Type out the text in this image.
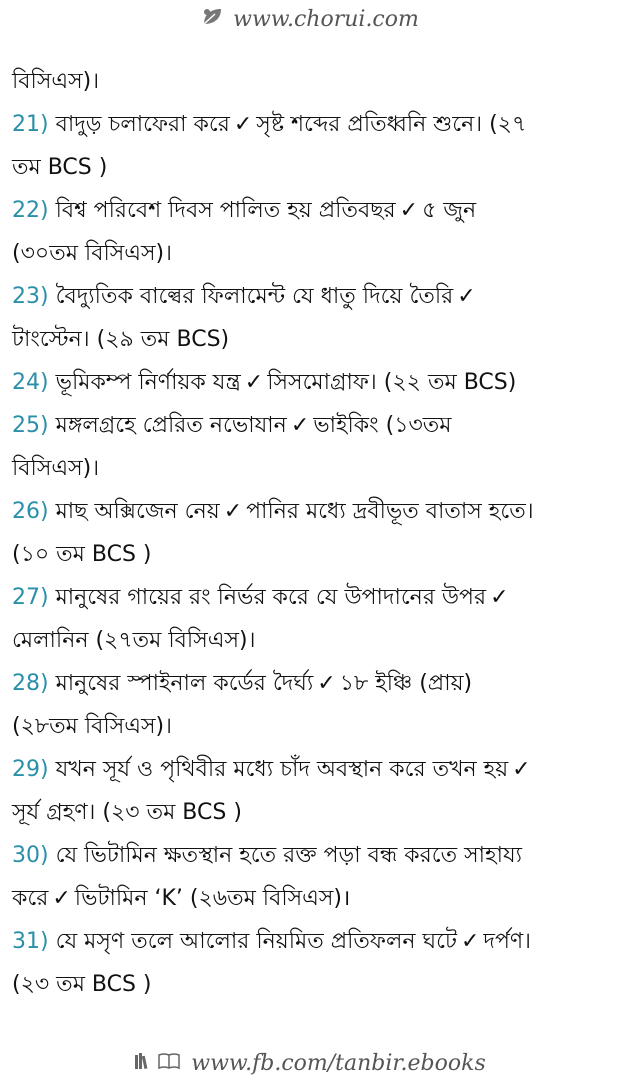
www.chorui.com
বিসিএস)।
21) বাদুড় চলাফেরা করে ✓ সৃষ্ট শব্দের প্রতিধ্বনি শুনে। (২৭
তম BCS )
22) বিশ্ব পরিবেশ দিবস পালিত হয় প্রতিবছর ✓ ৫ জুন
(৩০তম বিসিএস)।
23) বৈদ্যুতিক বাল্বের ফিলামেন্ট যে ধাতু দিয়ে তৈরি ✓
টাংস্টেন। (২৯ তম BCS)
24) ভূমিকম্প নির্ণায়ক যন্ত্র ✓ সিসমোগ্রাফ। (২২ তম BCS)
25) মঙ্গলগ্রহে প্রেরিত নভোযান ✓ ভাইকিং (১৩তম
বিসিএস)।
26) মাছ অক্সিজেন নেয় ✓ পানির মধ্যে দ্রবীভূত বাতাস হতে।
(১০ তম BCS )
27) মানুষের গায়ের রং নির্ভর করে যে উপাদানের উপর ✓
মেলানিন (২৭তম বিসিএস)।
28) মানুষের স্পাইনাল কর্ডের দৈর্ঘ্য ✓ ১৮ ইঞ্চি (প্রায়)
(২৮তম বিসিএস)।
29) যখন সূর্য ও পৃথিবীর মধ্যে চাঁদ অবস্থান করে তখন হয় ✓
সূর্য গ্রহণ। (২৩ তম BCS )
30) যে ভিটামিন ক্ষতস্থান হতে রক্ত পড়া বন্ধ করতে সাহায্য
করে ✓ ভিটামিন ‘K’ (২৬তম বিসিএস)।
31) যে মসৃণ তলে আলোর নিয়মিত প্রতিফলন ঘটে ✓ দর্পণ।
(২৩ তম BCS )
www.fb.com/tanbir.ebooks
